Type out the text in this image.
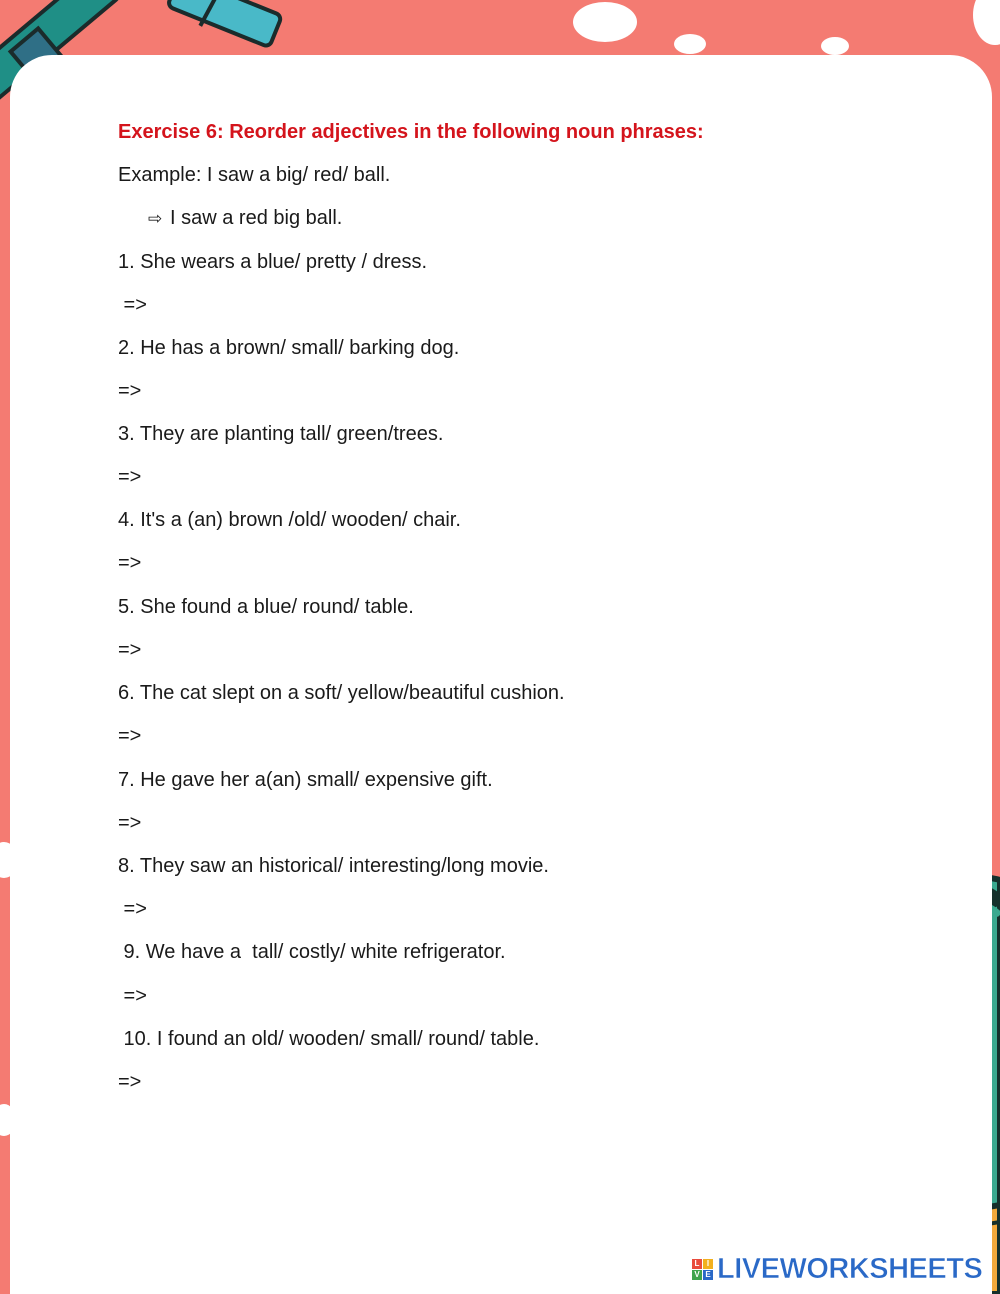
Exercise 6: Reorder adjectives in the following noun phrases:
Example: I saw a big/ red/ ball.
⇨ I saw a red big ball.
1. She wears a blue/ pretty / dress.
=>
2. He has a brown/ small/ barking dog.
=>
3. They are planting tall/ green/trees.
=>
4. It's a (an) brown /old/ wooden/ chair.
=>
5. She found a blue/ round/ table.
=>
6. The cat slept on a soft/ yellow/beautiful cushion.
=>
7. He gave her a(an) small/ expensive gift.
=>
8. They saw an historical/ interesting/long movie.
=>
9. We have a  tall/ costly/ white refrigerator.
=>
10. I found an old/ wooden/ small/ round/ table.
=>
L I
V E LIVEWORKSHEETS
